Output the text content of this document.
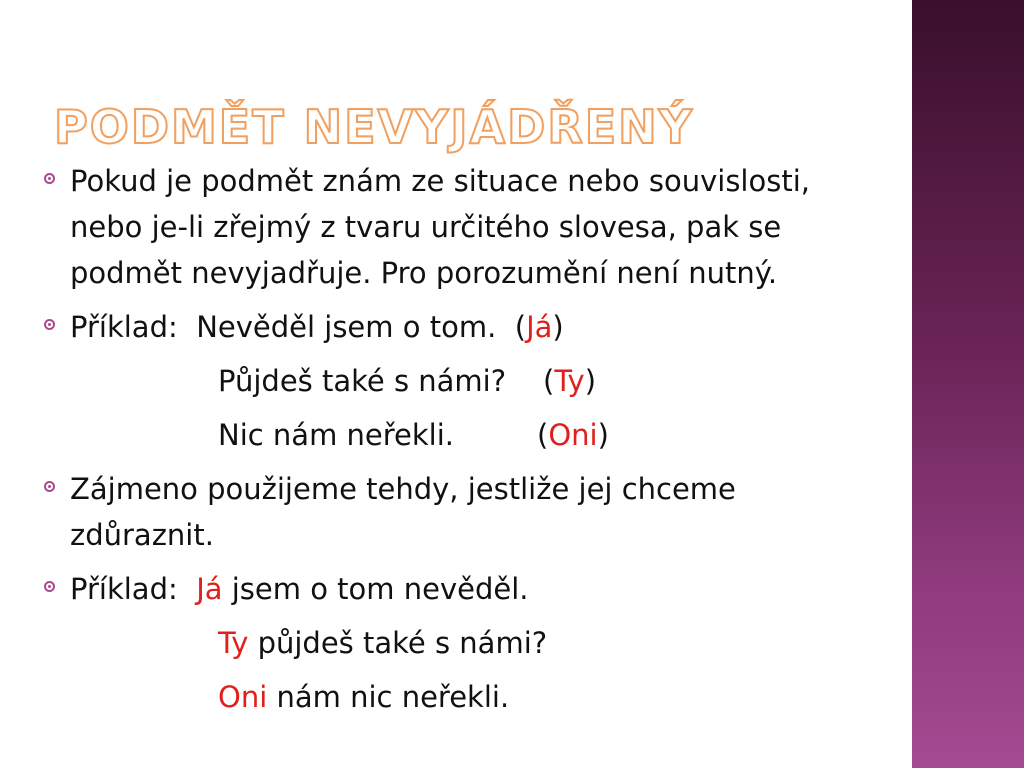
PODMĚT NEVYJÁDŘENÝ
Pokud je podmět znám ze situace nebo souvislosti,
nebo je-li zřejmý z tvaru určitého slovesa, pak se
podmět nevyjadřuje. Pro porozumění není nutný.
Příklad: Nevěděl jsem o tom. (Já)
Půjdeš také s námi? (Ty)
Nic nám neřekli.	(Oni)
Zájmeno použijeme tehdy, jestliže jej chceme
zdůraznit.
Příklad: Já jsem o tom nevěděl.
Ty půjdeš také s námi?
Oni nám nic neřekli.
